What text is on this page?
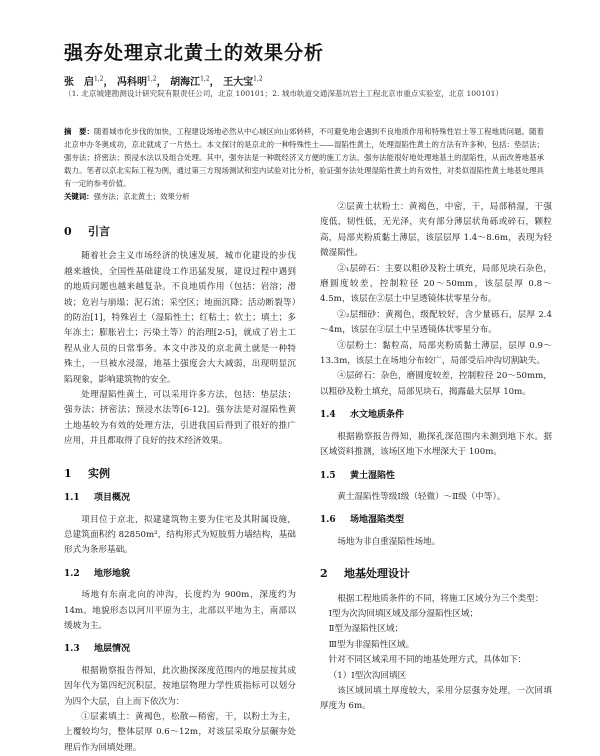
强夯处理京北黄土的效果分析
张　启$^{1,2}$， 冯科明$^{1,2}$， 胡海江$^{1,2}$， 王大宝$^{1,2}$
（1. 北京城建勘测设计研究院有限责任公司，北京 100101；2. 城市轨道交通深基坑岩土工程北京市重点实验室，北京 100101）
摘　要：随着城市化步伐的加快，工程建设场地必然从中心城区向山郊转移，不可避免地会遇到不良地质作用和特殊性岩土等工程地质问题。随着北京申办冬奥成功，京北就成了一片热土。本文探讨的是京北的一种特殊性土——湿陷性黄土，处理湿陷性黄土的方法有许多种，包括：垫层法；强夯法；挤密法；预浸水法以及组合处理。其中，强夯法是一种既经济又方便的施工方法。强夯法能很好地处理地基土的湿陷性，从而改善地基承载力。笔者以京北实际工程为例，通过第三方现场测试和室内试验对比分析，验证强夯法处理湿陷性黄土的有效性，对类似湿陷性黄土地基处理具有一定的参考价值。
关键词：强夯法；京北黄土；效果分析
0 引言

随着社会主义市场经济的快速发展，城市化建设的步伐越来越快，全国性基础建设工作迅猛发展，建设过程中遇到的地质问题也越来越复杂。不良地质作用（包括：岩溶；滑坡；危岩与崩塌；泥石流；采空区；地面沉降；活动断裂等）的防治[1]，特殊岩土（湿陷性土；红粘土；软土；填土；多年冻土；膨胀岩土；污染土等）的治理[2-5]，就成了岩土工程从业人员的日常事务。本文中涉及的京北黄土就是一种特殊土，一旦被水浸湿，地基土强度会大大减弱，出现明显沉陷现象，影响建筑物的安全。

处理湿陷性黄土，可以采用许多方法，包括：垫层法；强夯法；挤密法；预浸水法等[6-12]。强夯法是对湿陷性黄土地基较为有效的处理方法，引进我国后得到了很好的推广应用，并且都取得了良好的技术经济效果。

1 实例
1.1 项目概况

项目位于京北，拟建建筑物主要为住宅及其附属设施，总建筑面积约 82850m²，结构形式为短肢剪力墙结构，基础形式为条形基础。

1.2 地形地貌

场地有东南北向的冲沟，长度约为 900m，深度约为 14m。地貌形态以河川平原为主，北部以平地为主，南部以缓坡为主。

1.3 地层情况

根据勘察报告得知，此次勘探深度范围内的地层按其成因年代为第四纪沉积层，按地层物理力学性质指标可以划分为四个大层，自上而下依次为：

①层素填土：黄褐色，松散—稍密，干，以粉土为主，上覆较均匀，整体层厚 0.6～12m，对该层采取分层碾夯处理后作为回填处理。

②层黄土状粉土：黄褐色，中密，干，局部稍湿，干强度低，韧性低，无光泽，夹有部分薄层状角砾或碎石，颗粒高，局部夹粉质黏土薄层，该层层厚 1.4～8.6m，表现为轻微湿陷性。

②₁层碎石：主要以粗砂及粉土填充，局部见块石杂色，磨圆度较差，控制粒径 20～50mm，该层层厚 0.8～4.5m，该层在②层土中呈透镜体状零星分布。

②₂层细砂：黄褐色，级配较好，含少量砾石，层厚 2.4～4m，该层在②层土中呈透镜体状零星分布。

③层粉土：黏粒高，局部夹粉质黏土薄层，层厚 0.9～13.3m，该层土在场地分布较广，局部受后冲沟切割缺失。

④层碎石：杂色，磨圆度较差，控制粒径 20～50mm，以粗砂及粉土填充，局部见块石，揭露最大层厚 10m。

1.4 水文地质条件

根据勘察报告得知，勘探孔深范围内未测到地下水。据区域资料推测，该场区地下水埋深大于 100m。

1.5 黄土湿陷性

黄土湿陷性等级Ⅰ级（轻微）～Ⅱ级（中等）。

1.6 场地湿陷类型

场地为非自重湿陷性场地。

2 地基处理设计

根据工程地质条件的不同，将施工区域分为三个类型：

Ⅰ型为次沟回填区域及部分湿陷性区域；

Ⅱ型为湿陷性区域；

Ⅲ型为非湿陷性区域。

针对不同区域采用不同的地基处理方式，具体如下：

（1）Ⅰ型次沟回填区

该区域回填土厚度较大，采用分层强夯处理，一次回填厚度为 6m。
